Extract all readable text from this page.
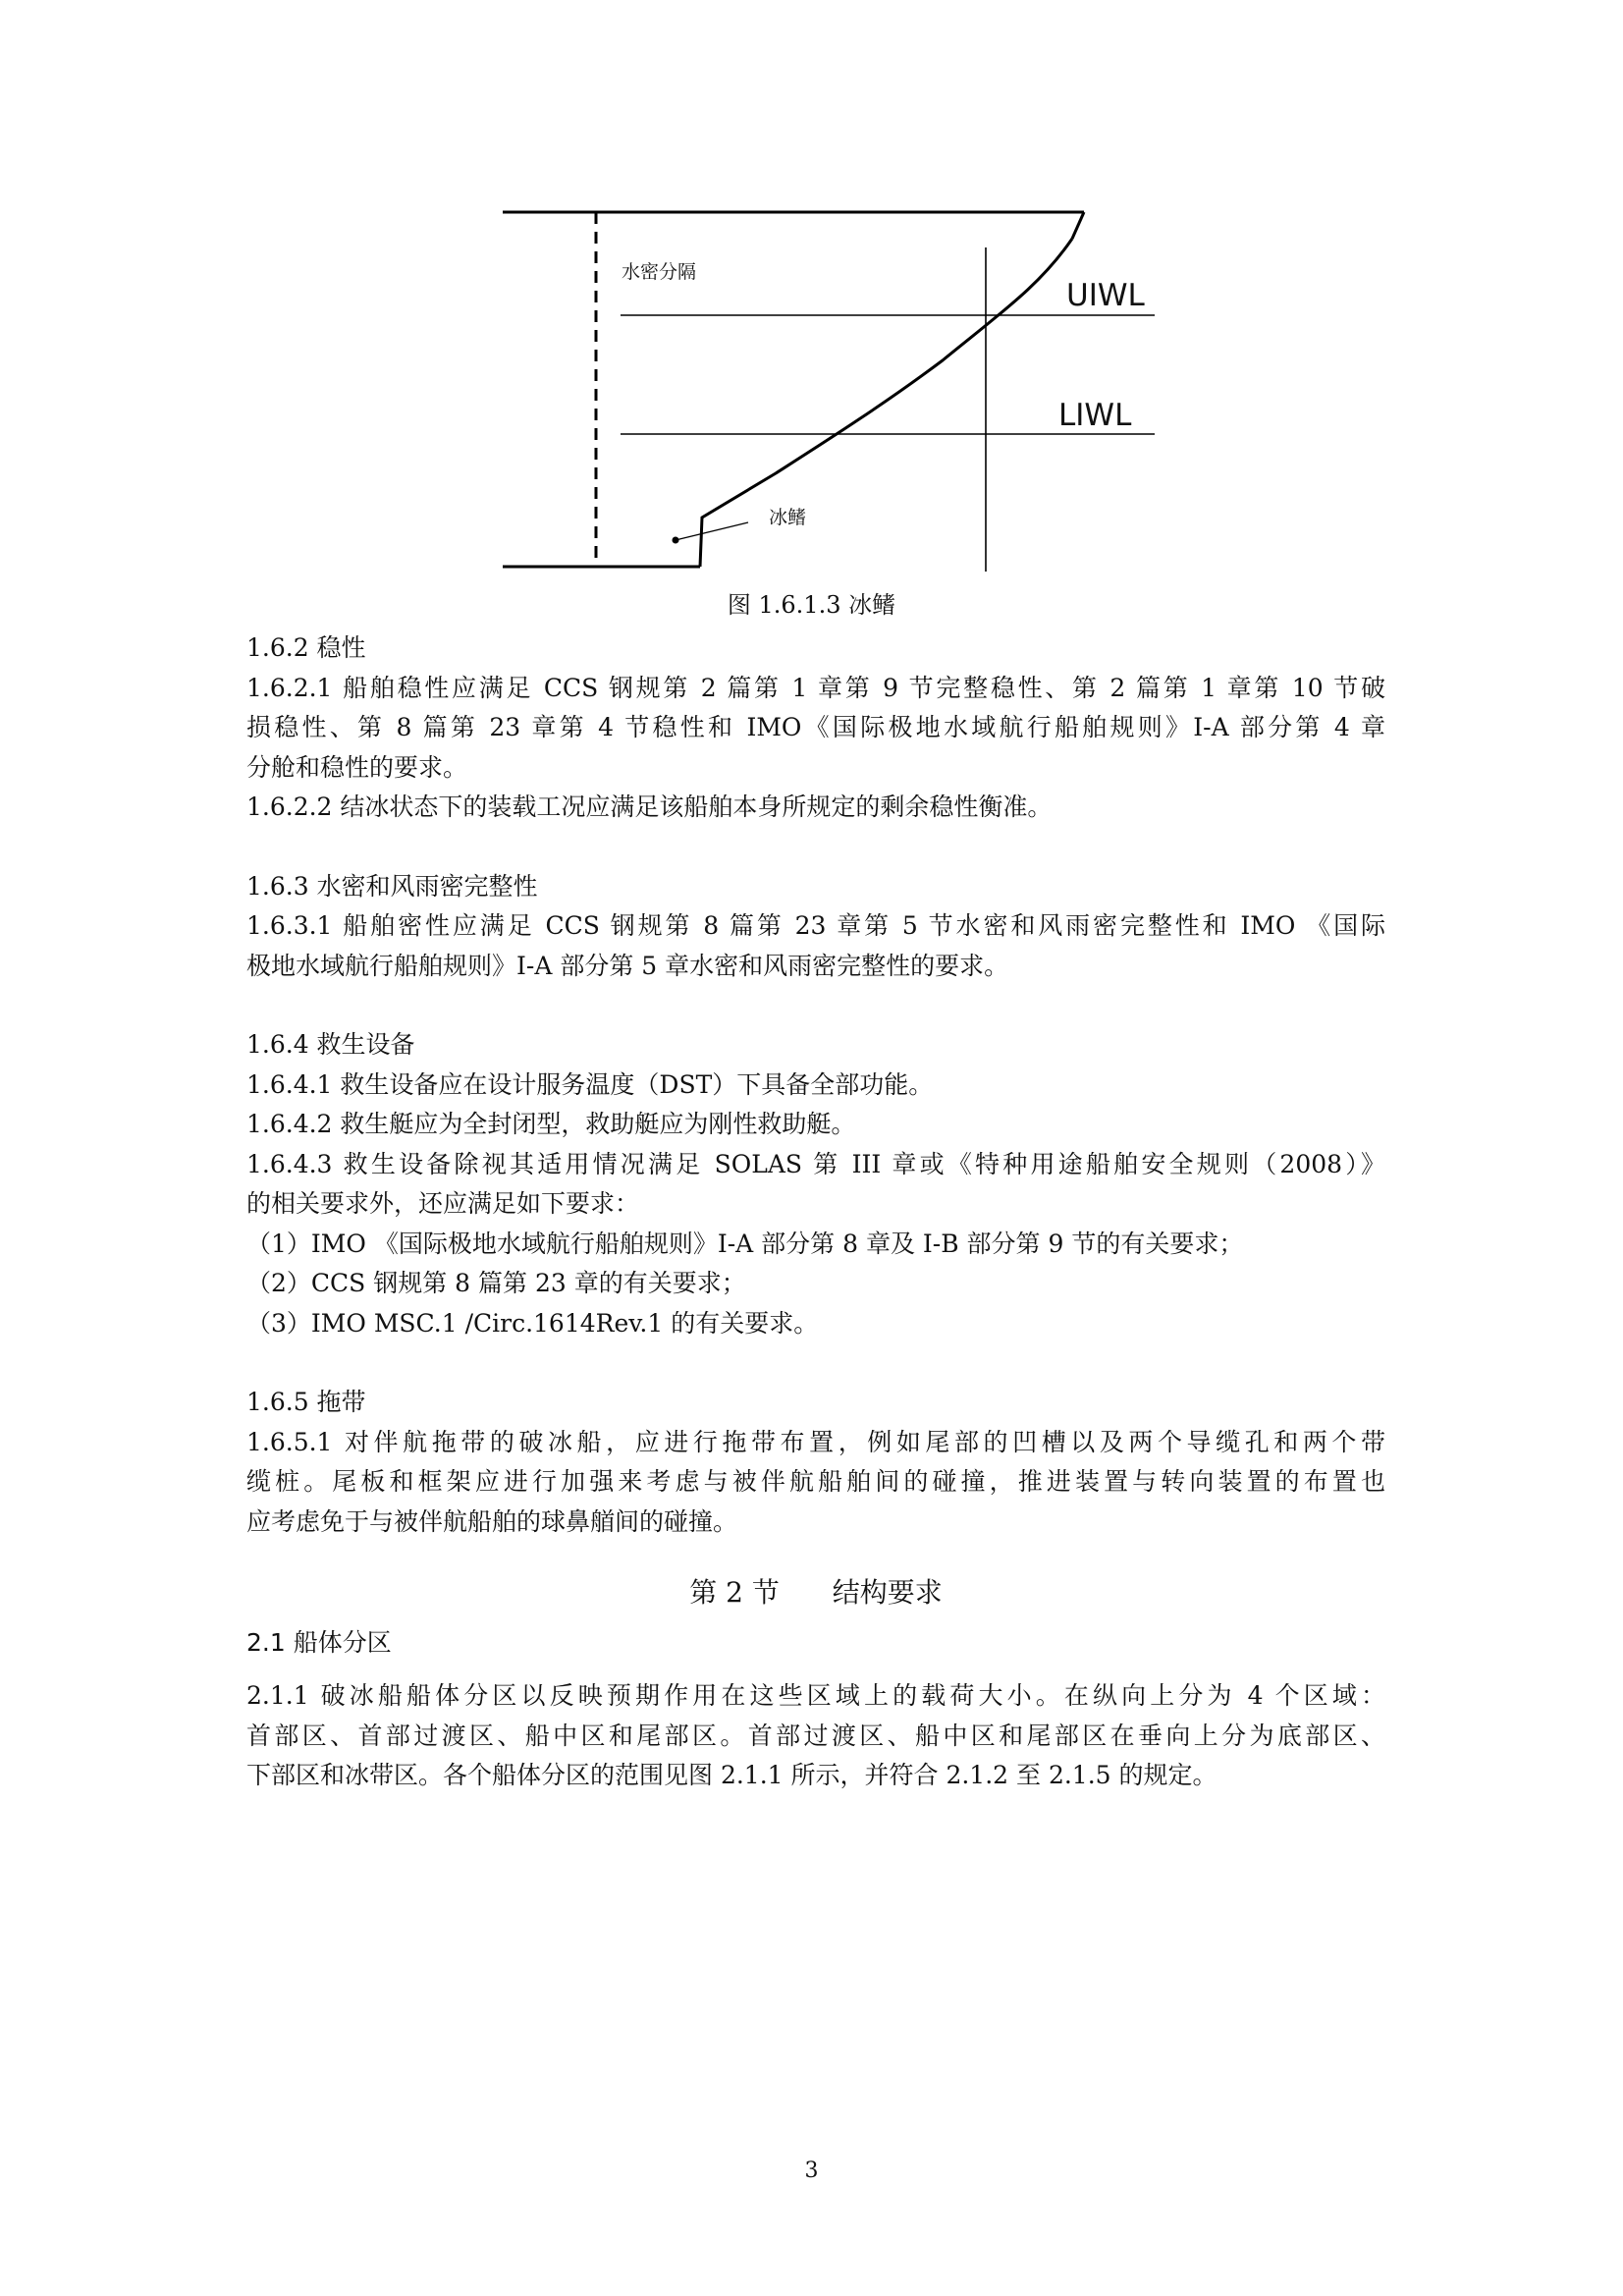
水密分隔
UIWL
LIWL
冰鳍
图 1.6.1.3 冰鳍

1.6.2 稳性

1.6.2.1 船舶稳性应满足 CCS 钢规第 2 篇第 1 章第 9 节完整稳性、第 2 篇第 1 章第 10 节破

损稳性、第 8 篇第 23 章第 4 节稳性和 IMO《国际极地水域航行船舶规则》I-A 部分第 4 章

分舱和稳性的要求。

1.6.2.2 结冰状态下的装载工况应满足该船舶本身所规定的剩余稳性衡准。

1.6.3 水密和风雨密完整性

1.6.3.1 船舶密性应满足 CCS 钢规第 8 篇第 23 章第 5 节水密和风雨密完整性和 IMO 《国际

极地水域航行船舶规则》I-A 部分第 5 章水密和风雨密完整性的要求。

1.6.4 救生设备

1.6.4.1 救生设备应在设计服务温度（DST）下具备全部功能。

1.6.4.2 救生艇应为全封闭型，救助艇应为刚性救助艇。

1.6.4.3 救生设备除视其适用情况满足 SOLAS 第 III 章或《特种用途船舶安全规则（2008）》

的相关要求外，还应满足如下要求：

（1）IMO 《国际极地水域航行船舶规则》I-A 部分第 8 章及 I-B 部分第 9 节的有关要求；

（2）CCS 钢规第 8 篇第 23 章的有关要求；

（3）IMO MSC.1 /Circ.1614Rev.1 的有关要求。

1.6.5 拖带

1.6.5.1 对伴航拖带的破冰船，应进行拖带布置，例如尾部的凹槽以及两个导缆孔和两个带

缆桩。尾板和框架应进行加强来考虑与被伴航船舶间的碰撞，推进装置与转向装置的布置也

应考虑免于与被伴航船舶的球鼻艏间的碰撞。

第 2 节 结构要求
2.1 船体分区

2.1.1 破冰船船体分区以反映预期作用在这些区域上的载荷大小。在纵向上分为 4 个区域：

首部区、首部过渡区、船中区和尾部区。首部过渡区、船中区和尾部区在垂向上分为底部区、

下部区和冰带区。各个船体分区的范围见图 2.1.1 所示，并符合 2.1.2 至 2.1.5 的规定。

3
